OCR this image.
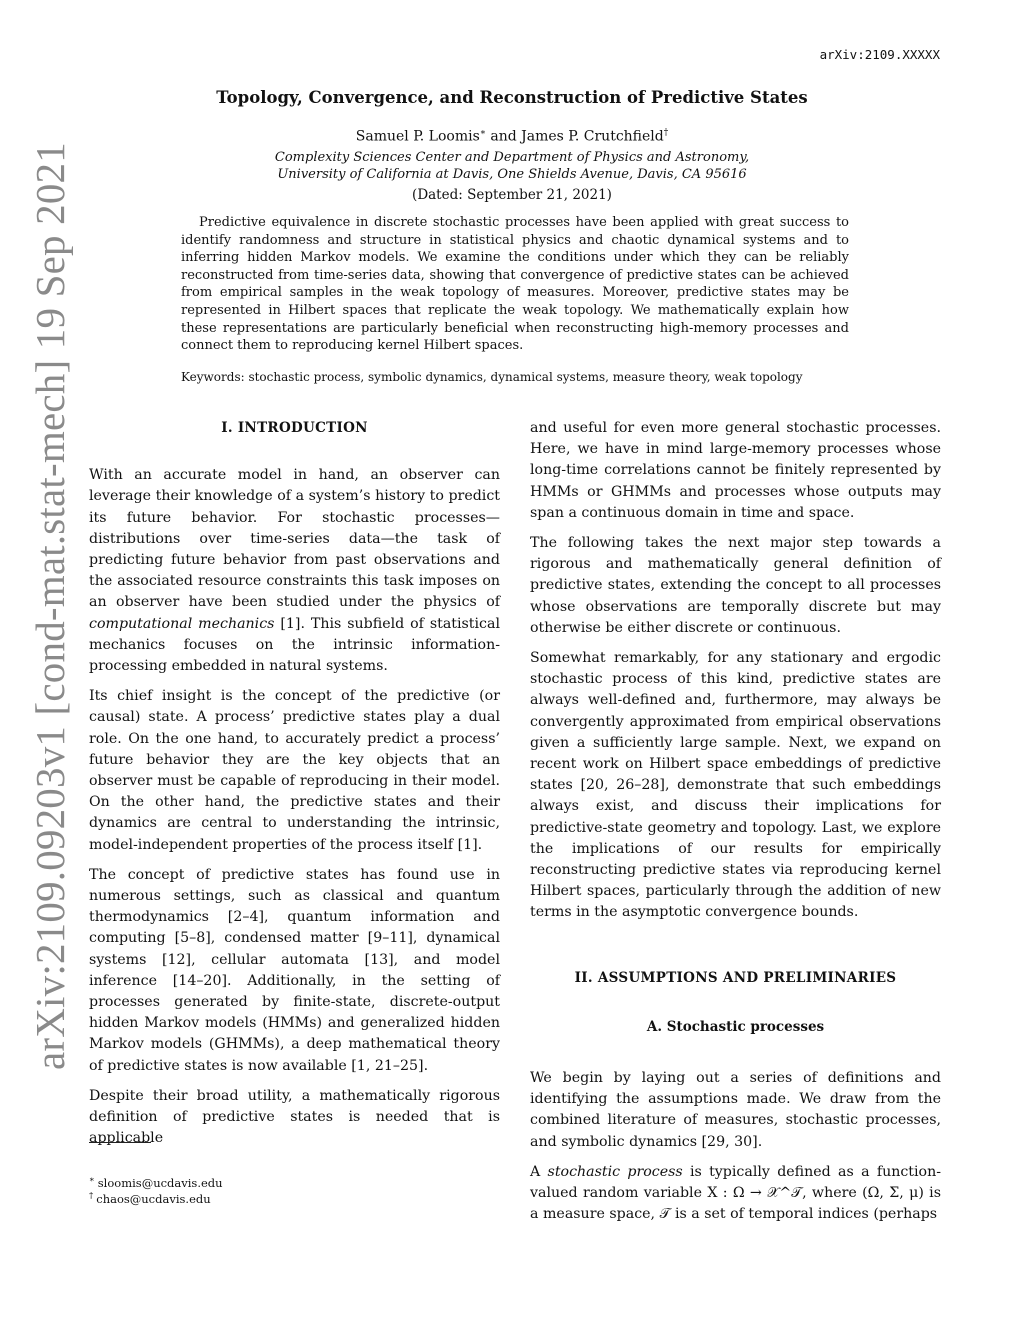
arXiv:2109.09203v1 [cond-mat.stat-mech] 19 Sep 2021
arXiv:2109.XXXXX
Topology, Convergence, and Reconstruction of Predictive States
Samuel P. Loomis∗ and James P. Crutchfield†
Complexity Sciences Center and Department of Physics and Astronomy,
University of California at Davis, One Shields Avenue, Davis, CA 95616
(Dated: September 21, 2021)
Predictive equivalence in discrete stochastic processes have been applied with great success to identify randomness and structure in statistical physics and chaotic dynamical systems and to inferring hidden Markov models. We examine the conditions under which they can be reliably reconstructed from time-series data, showing that convergence of predictive states can be achieved from empirical samples in the weak topology of measures. Moreover, predictive states may be represented in Hilbert spaces that replicate the weak topology. We mathematically explain how these representations are particularly beneficial when reconstructing high-memory processes and connect them to reproducing kernel Hilbert spaces.
Keywords: stochastic process, symbolic dynamics, dynamical systems, measure theory, weak topology
I. INTRODUCTION

With an accurate model in hand, an observer can leverage their knowledge of a system’s history to predict its future behavior. For stochastic processes—distributions over time-series data—the task of predicting future behavior from past observations and the associated resource constraints this task imposes on an observer have been studied under the physics of computational mechanics [1]. This subfield of statistical mechanics focuses on the intrinsic information-processing embedded in natural systems.

Its chief insight is the concept of the predictive (or causal) state. A process’ predictive states play a dual role. On the one hand, to accurately predict a process’ future behavior they are the key objects that an observer must be capable of reproducing in their model. On the other hand, the predictive states and their dynamics are central to understanding the intrinsic, model-independent properties of the process itself [1].

The concept of predictive states has found use in numerous settings, such as classical and quantum thermodynamics [2–4], quantum information and computing [5–8], condensed matter [9–11], dynamical systems [12], cellular automata [13], and model inference [14–20]. Additionally, in the setting of processes generated by finite-state, discrete-output hidden Markov models (HMMs) and generalized hidden Markov models (GHMMs), a deep mathematical theory of predictive states is now available [1, 21–25].

Despite their broad utility, a mathematically rigorous definition of predictive states is needed that is applicable

∗ sloomis@ucdavis.edu
† chaos@ucdavis.edu

and useful for even more general stochastic processes. Here, we have in mind large-memory processes whose long-time correlations cannot be finitely represented by HMMs or GHMMs and processes whose outputs may span a continuous domain in time and space.

The following takes the next major step towards a rigorous and mathematically general definition of predictive states, extending the concept to all processes whose observations are temporally discrete but may otherwise be either discrete or continuous.

Somewhat remarkably, for any stationary and ergodic stochastic process of this kind, predictive states are always well-defined and, furthermore, may always be convergently approximated from empirical observations given a sufficiently large sample. Next, we expand on recent work on Hilbert space embeddings of predictive states [20, 26–28], demonstrate that such embeddings always exist, and discuss their implications for predictive-state geometry and topology. Last, we explore the implications of our results for empirically reconstructing predictive states via reproducing kernel Hilbert spaces, particularly through the addition of new terms in the asymptotic convergence bounds.

II. ASSUMPTIONS AND PRELIMINARIES
A. Stochastic processes

We begin by laying out a series of definitions and identifying the assumptions made. We draw from the combined literature of measures, stochastic processes, and symbolic dynamics [29, 30].

A stochastic process is typically defined as a function-valued random variable X : Ω → 𝒳^𝒯, where (Ω, Σ, μ) is a measure space, 𝒯 is a set of temporal indices (perhaps
